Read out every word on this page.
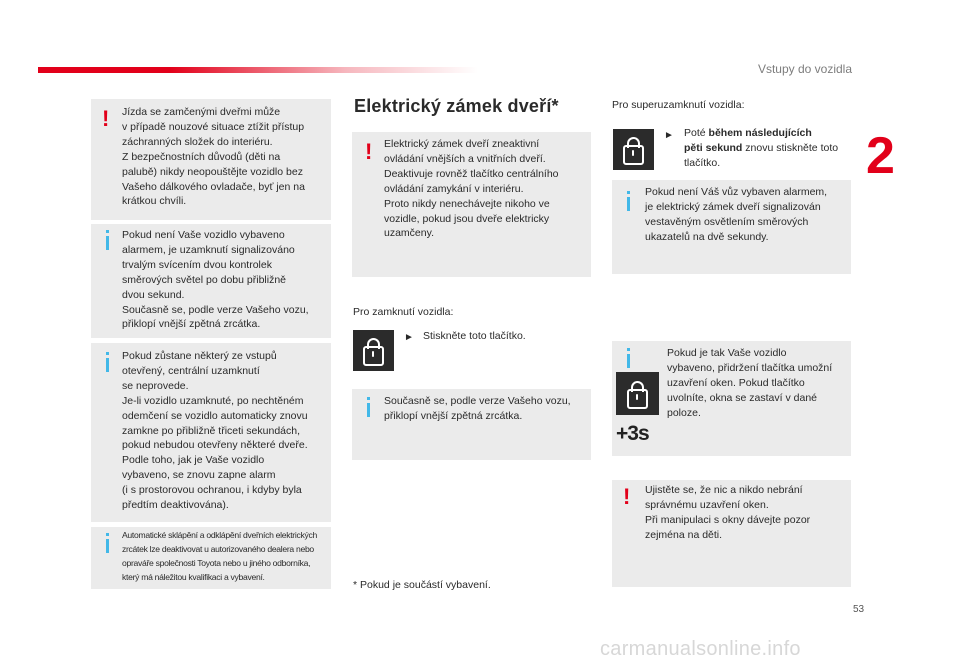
Vstupy do vozidla
2
! Jízda se zamčenými dveřmi může
v případě nouzové situace ztížit přístup
záchranných složek do interiéru.
Z bezpečnostních důvodů (děti na
palubě) nikdy neopouštějte vozidlo bez
Vašeho dálkového ovladače, byť jen na
krátkou chvíli.
Pokud není Vaše vozidlo vybaveno
alarmem, je uzamknutí signalizováno
trvalým svícením dvou kontrolek
směrových světel po dobu přibližně
dvou sekund.
Současně se, podle verze Vašeho vozu,
přiklopí vnější zpětná zrcátka.
Pokud zůstane některý ze vstupů
otevřený, centrální uzamknutí
se neprovede.
Je-li vozidlo uzamknuté, po nechtěném
odemčení se vozidlo automaticky znovu
zamkne po přibližně třiceti sekundách,
pokud nebudou otevřeny některé dveře.
Podle toho, jak je Vaše vozidlo
vybaveno, se znovu zapne alarm
(i s prostorovou ochranou, i kdyby byla
předtím deaktivována).
Automatické sklápění a odklápění dveřních elektrických
zrcátek lze deaktivovat u autorizovaného dealera nebo
opraváře společnosti Toyota nebo u jiného odborníka,
který má náležitou kvalifikaci a vybavení.
Elektrický zámek dveří*
! Elektrický zámek dveří zneaktivní
ovládání vnějších a vnitřních dveří.
Deaktivuje rovněž tlačítko centrálního
ovládání zamykání v interiéru.
Proto nikdy nenechávejte nikoho ve
vozidle, pokud jsou dveře elektricky
uzamčeny.
Pro zamknutí vozidla:
► Stiskněte toto tlačítko.
Současně se, podle verze Vašeho vozu,
přiklopí vnější zpětná zrcátka.
* Pokud je součástí vybavení.
Pro superuzamknutí vozidla:
► Poté během následujících
pěti sekund znovu stiskněte toto
tlačítko.
Pokud není Váš vůz vybaven alarmem,
je elektrický zámek dveří signalizován
vestavěným osvětlením směrových
ukazatelů na dvě sekundy.
Pokud je tak Vaše vozidlo
vybaveno, přidržení tlačítka umožní
uzavření oken. Pokud tlačítko
uvolníte, okna se zastaví v dané
poloze.
+3s
! Ujistěte se, že nic a nikdo nebrání
správnému uzavření oken.
Při manipulaci s okny dávejte pozor
zejména na děti.
53
carmanualsonline.info
